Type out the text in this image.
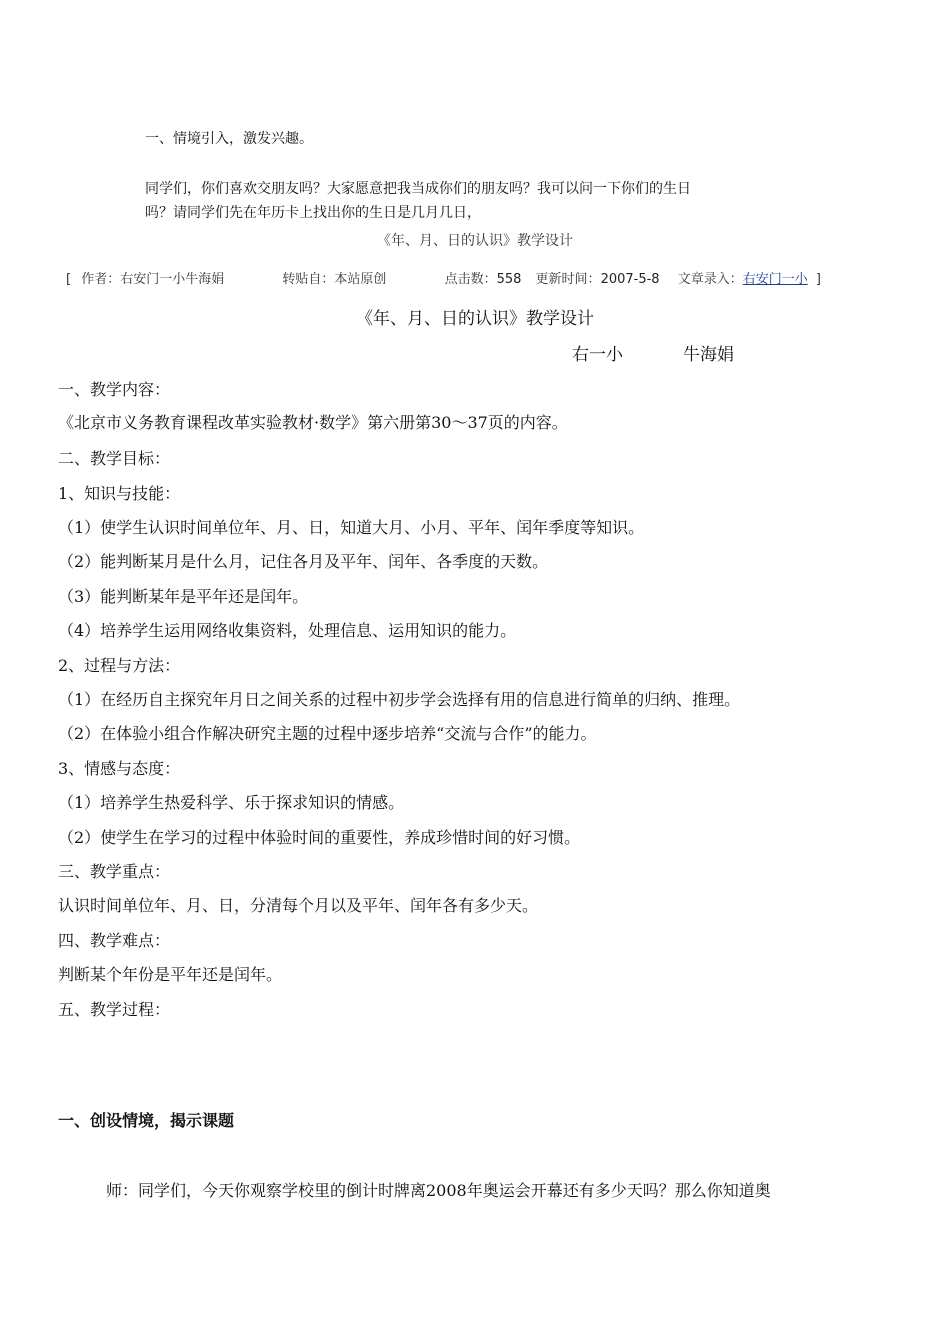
一、情境引入，激发兴趣。
同学们，你们喜欢交朋友吗？大家愿意把我当成你们的朋友吗？我可以问一下你们的生日
吗？请同学们先在年历卡上找出你的生日是几月几日，
《年、月、日的认识》教学设计
[ 作者：右安门一小牛海娟	转贴自：本站原创	点击数：558 更新时间：2007-5-8 文章录入：右安门一小 ]
《年、月、日的认识》教学设计
右一小	牛海娟
一、教学内容：
《北京市义务教育课程改革实验教材·数学》第六册第30～37页的内容。
二、教学目标：
1、知识与技能：
（1）使学生认识时间单位年、月、日，知道大月、小月、平年、闰年季度等知识。
（2）能判断某月是什么月，记住各月及平年、闰年、各季度的天数。
（3）能判断某年是平年还是闰年。
（4）培养学生运用网络收集资料，处理信息、运用知识的能力。
2、过程与方法：
（1）在经历自主探究年月日之间关系的过程中初步学会选择有用的信息进行简单的归纳、推理。
（2）在体验小组合作解决研究主题的过程中逐步培养“交流与合作”的能力。
3、情感与态度：
（1）培养学生热爱科学、乐于探求知识的情感。
（2）使学生在学习的过程中体验时间的重要性，养成珍惜时间的好习惯。
三、教学重点：
认识时间单位年、月、日，分清每个月以及平年、闰年各有多少天。
四、教学难点：
判断某个年份是平年还是闰年。
五、教学过程：
一、创设情境，揭示课题
师：同学们，今天你观察学校里的倒计时牌离2008年奥运会开幕还有多少天吗？那么你知道奥
